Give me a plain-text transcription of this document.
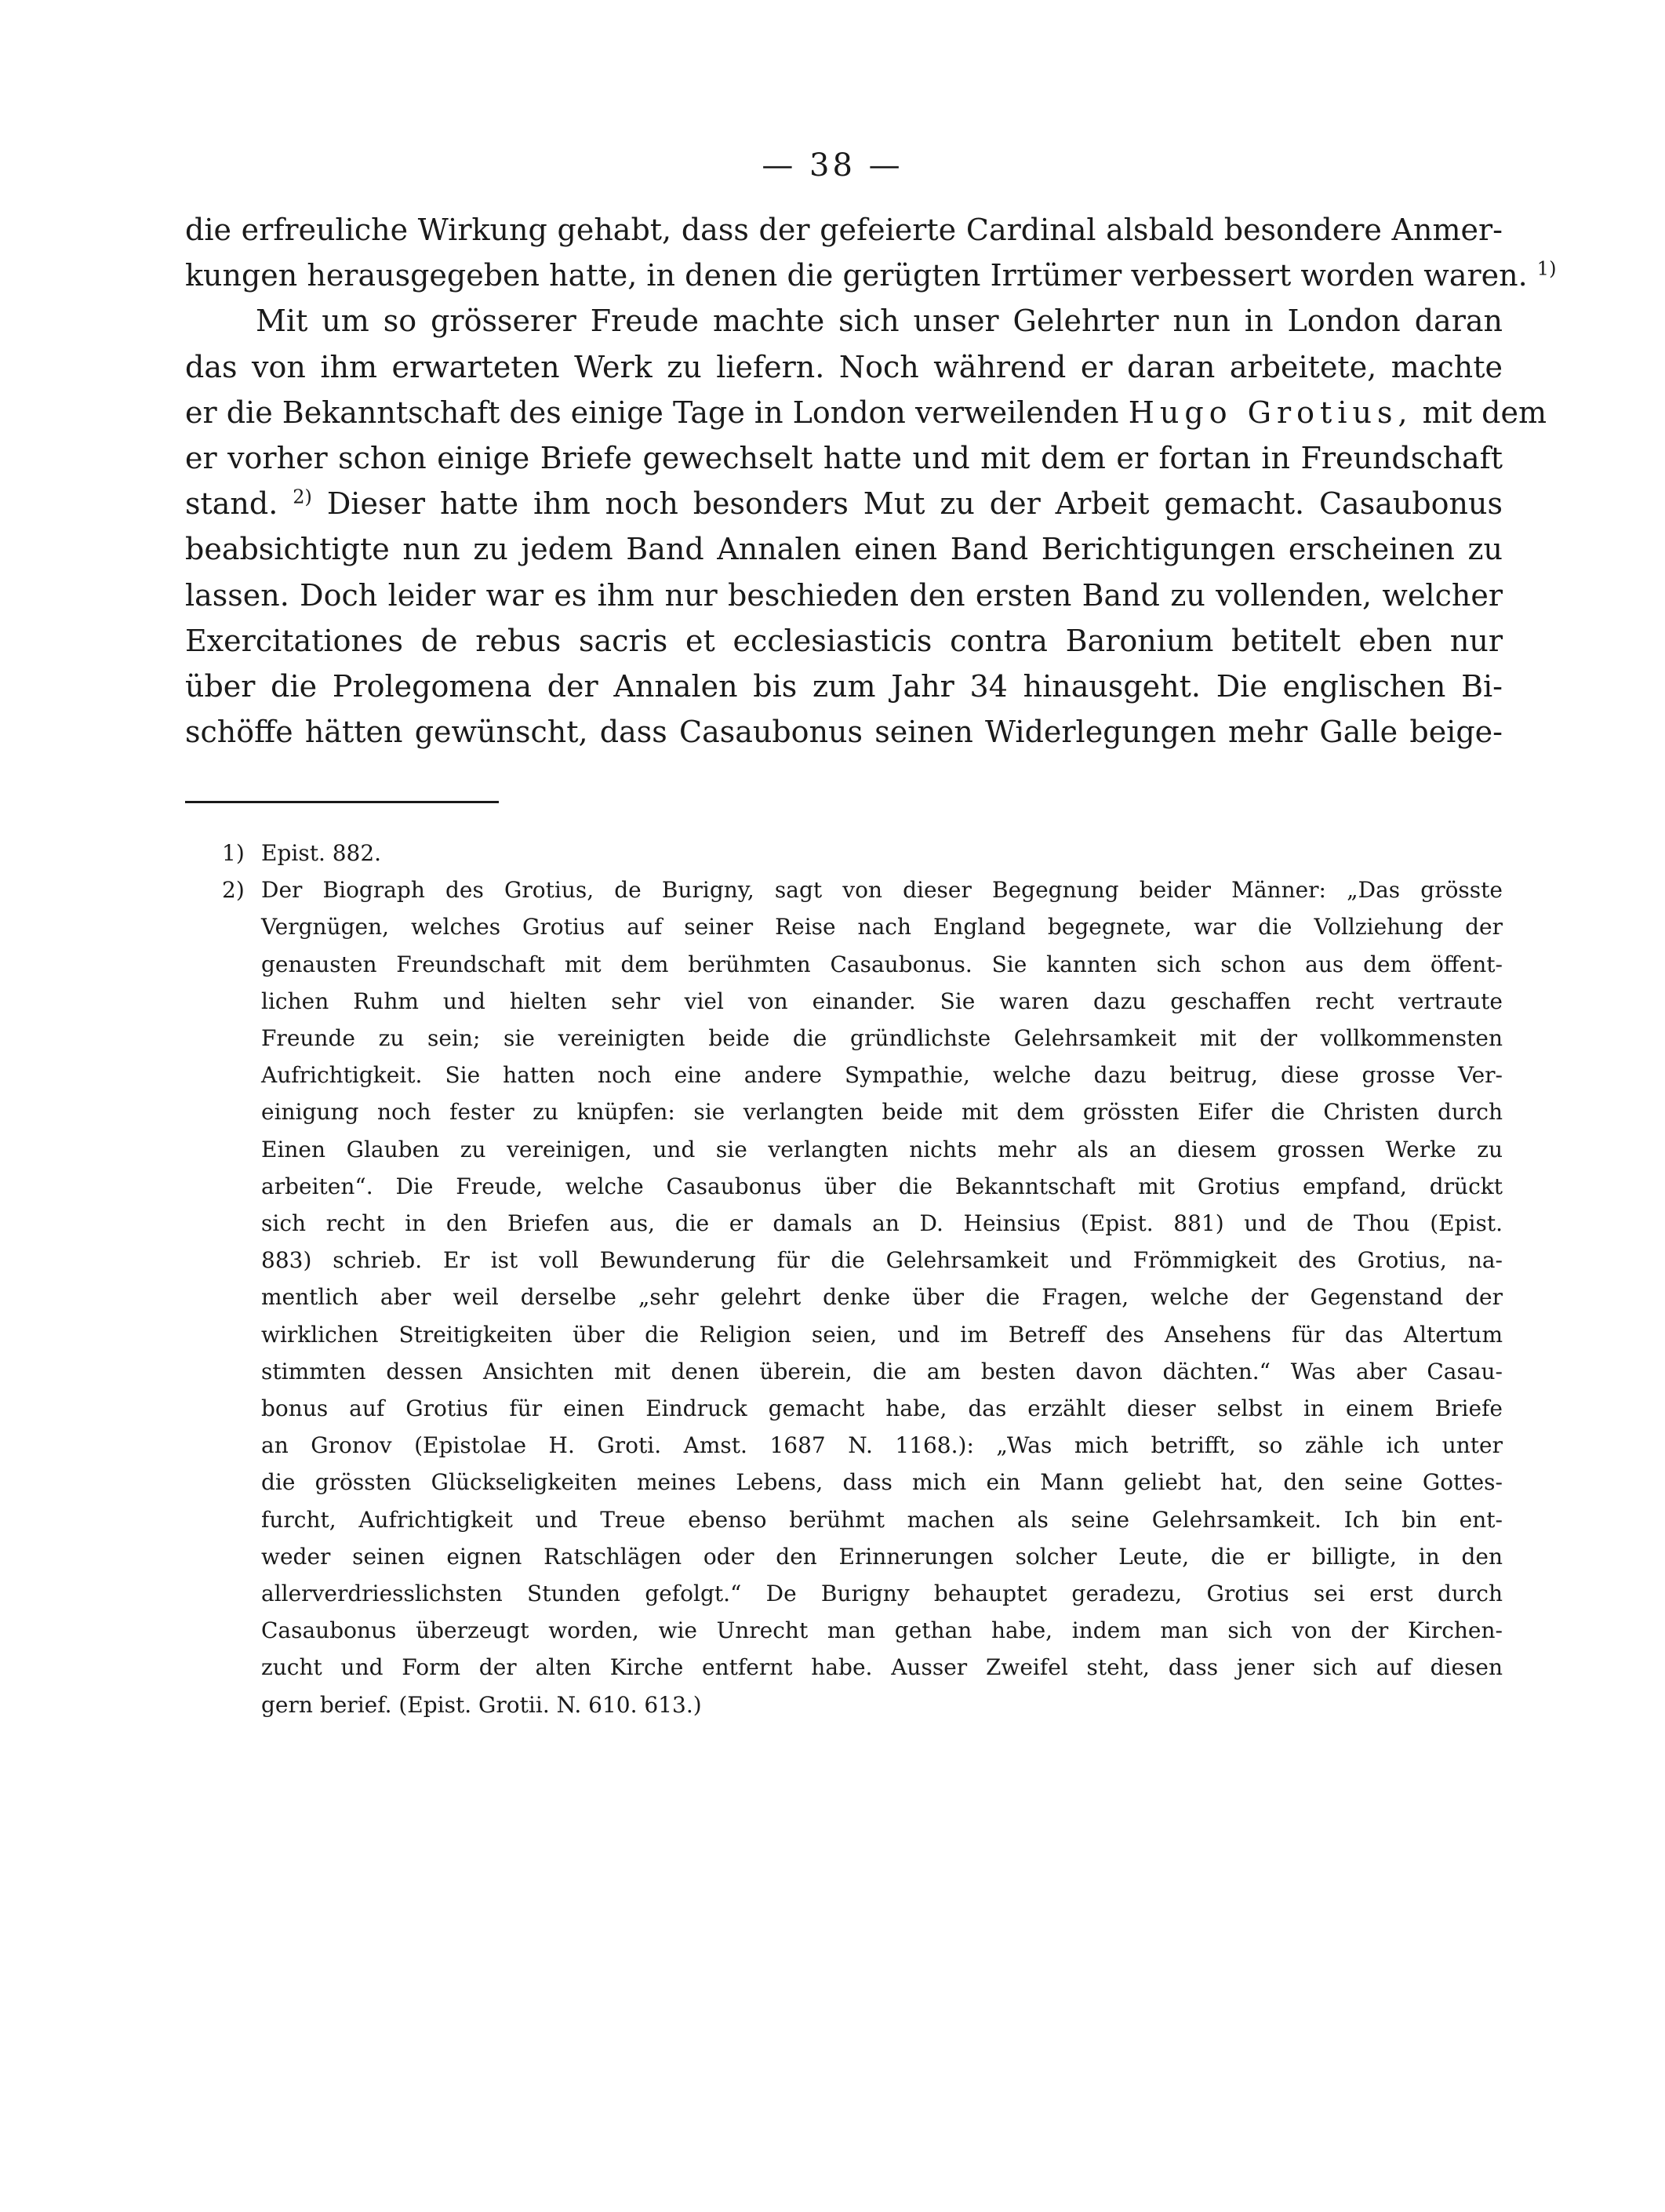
— 38 —
die erfreuliche Wirkung gehabt, dass der gefeierte Cardinal alsbald besondere Anmer-
kungen herausgegeben hatte, in denen die gerügten Irrtümer verbessert worden waren. $^{1)}$
Mit um so grösserer Freude machte sich unser Gelehrter nun in London daran
das von ihm erwarteten Werk zu liefern. Noch während er daran arbeitete, machte
er die Bekanntschaft des einige Tage in London verweilenden Hugo Grotius, mit dem
er vorher schon einige Briefe gewechselt hatte und mit dem er fortan in Freundschaft
stand. $^{2)}$ Dieser hatte ihm noch besonders Mut zu der Arbeit gemacht. Casaubonus
beabsichtigte nun zu jedem Band Annalen einen Band Berichtigungen erscheinen zu
lassen. Doch leider war es ihm nur beschieden den ersten Band zu vollenden, welcher
Exercitationes de rebus sacris et ecclesiasticis contra Baronium betitelt eben nur
über die Prolegomena der Annalen bis zum Jahr 34 hinausgeht. Die englischen Bi-
schöffe hätten gewünscht, dass Casaubonus seinen Widerlegungen mehr Galle beige-
1) Epist. 882.
2) Der Biograph des Grotius, de Burigny, sagt von dieser Begegnung beider Männer: „Das grösste
Vergnügen, welches Grotius auf seiner Reise nach England begegnete, war die Vollziehung der
genausten Freundschaft mit dem berühmten Casaubonus. Sie kannten sich schon aus dem öffent-
lichen Ruhm und hielten sehr viel von einander. Sie waren dazu geschaffen recht vertraute
Freunde zu sein; sie vereinigten beide die gründlichste Gelehrsamkeit mit der vollkommensten
Aufrichtigkeit. Sie hatten noch eine andere Sympathie, welche dazu beitrug, diese grosse Ver-
einigung noch fester zu knüpfen: sie verlangten beide mit dem grössten Eifer die Christen durch
Einen Glauben zu vereinigen, und sie verlangten nichts mehr als an diesem grossen Werke zu
arbeiten“. Die Freude, welche Casaubonus über die Bekanntschaft mit Grotius empfand, drückt
sich recht in den Briefen aus, die er damals an D. Heinsius (Epist. 881) und de Thou (Epist.
883) schrieb. Er ist voll Bewunderung für die Gelehrsamkeit und Frömmigkeit des Grotius, na-
mentlich aber weil derselbe „sehr gelehrt denke über die Fragen, welche der Gegenstand der
wirklichen Streitigkeiten über die Religion seien, und im Betreff des Ansehens für das Altertum
stimmten dessen Ansichten mit denen überein, die am besten davon dächten.“ Was aber Casau-
bonus auf Grotius für einen Eindruck gemacht habe, das erzählt dieser selbst in einem Briefe
an Gronov (Epistolae H. Groti. Amst. 1687 N. 1168.): „Was mich betrifft, so zähle ich unter
die grössten Glückseligkeiten meines Lebens, dass mich ein Mann geliebt hat, den seine Gottes-
furcht, Aufrichtigkeit und Treue ebenso berühmt machen als seine Gelehrsamkeit. Ich bin ent-
weder seinen eignen Ratschlägen oder den Erinnerungen solcher Leute, die er billigte, in den
allerverdriesslichsten Stunden gefolgt.“ De Burigny behauptet geradezu, Grotius sei erst durch
Casaubonus überzeugt worden, wie Unrecht man gethan habe, indem man sich von der Kirchen-
zucht und Form der alten Kirche entfernt habe. Ausser Zweifel steht, dass jener sich auf diesen
gern berief. (Epist. Grotii. N. 610. 613.)
